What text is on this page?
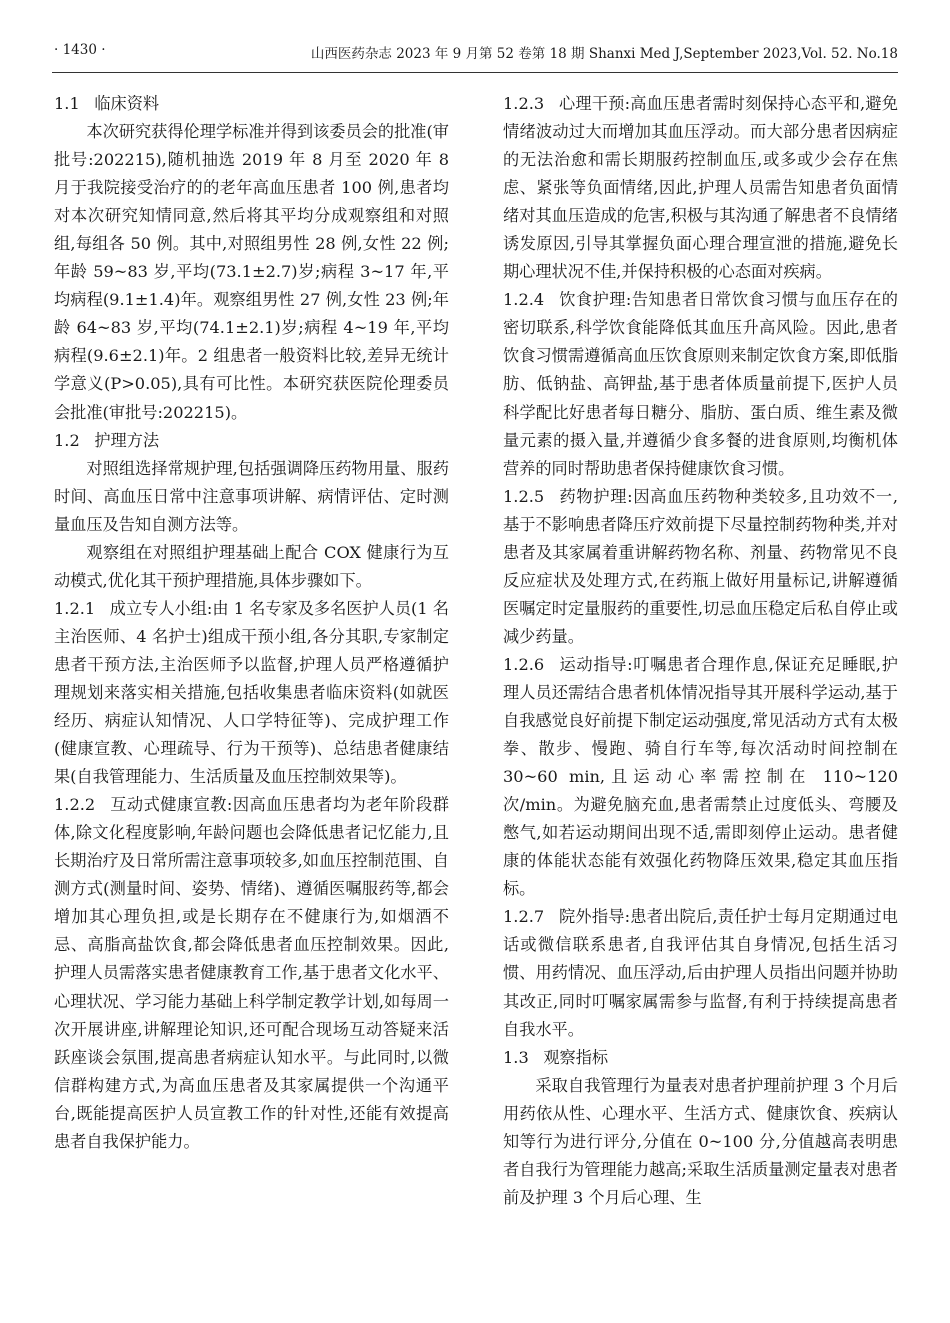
· 1430 ·	山西医药杂志 2023 年 9 月第 52 卷第 18 期 Shanxi Med J,September 2023,Vol. 52. No.18

1.1 临床资料

本次研究获得伦理学标准并得到该委员会的批准(审批号:202215),随机抽选 2019 年 8 月至 2020 年 8 月于我院接受治疗的的老年高血压患者 100 例,患者均对本次研究知情同意,然后将其平均分成观察组和对照组,每组各 50 例。其中,对照组男性 28 例,女性 22 例;年龄 59~83 岁,平均(73.1±2.7)岁;病程 3~17 年,平均病程(9.1±1.4)年。观察组男性 27 例,女性 23 例;年龄 64~83 岁,平均(74.1±2.1)岁;病程 4~19 年,平均病程(9.6±2.1)年。2 组患者一般资料比较,差异无统计学意义(P>0.05),具有可比性。本研究获医院伦理委员会批准(审批号:202215)。

1.2 护理方法

对照组选择常规护理,包括强调降压药物用量、服药时间、高血压日常中注意事项讲解、病情评估、定时测量血压及告知自测方法等。

观察组在对照组护理基础上配合 COX 健康行为互动模式,优化其干预护理措施,具体步骤如下。

1.2.1 成立专人小组:由 1 名专家及多名医护人员(1 名主治医师、4 名护士)组成干预小组,各分其职,专家制定患者干预方法,主治医师予以监督,护理人员严格遵循护理规划来落实相关措施,包括收集患者临床资料(如就医经历、病症认知情况、人口学特征等)、完成护理工作(健康宣教、心理疏导、行为干预等)、总结患者健康结果(自我管理能力、生活质量及血压控制效果等)。

1.2.2 互动式健康宣教:因高血压患者均为老年阶段群体,除文化程度影响,年龄问题也会降低患者记忆能力,且长期治疗及日常所需注意事项较多,如血压控制范围、自测方式(测量时间、姿势、情绪)、遵循医嘱服药等,都会增加其心理负担,或是长期存在不健康行为,如烟酒不忌、高脂高盐饮食,都会降低患者血压控制效果。因此,护理人员需落实患者健康教育工作,基于患者文化水平、心理状况、学习能力基础上科学制定教学计划,如每周一次开展讲座,讲解理论知识,还可配合现场互动答疑来活跃座谈会氛围,提高患者病症认知水平。与此同时,以微信群构建方式,为高血压患者及其家属提供一个沟通平台,既能提高医护人员宣教工作的针对性,还能有效提高患者自我保护能力。

1.2.3 心理干预:高血压患者需时刻保持心态平和,避免情绪波动过大而增加其血压浮动。而大部分患者因病症的无法治愈和需长期服药控制血压,或多或少会存在焦虑、紧张等负面情绪,因此,护理人员需告知患者负面情绪对其血压造成的危害,积极与其沟通了解患者不良情绪诱发原因,引导其掌握负面心理合理宣泄的措施,避免长期心理状况不佳,并保持积极的心态面对疾病。

1.2.4 饮食护理:告知患者日常饮食习惯与血压存在的密切联系,科学饮食能降低其血压升高风险。因此,患者饮食习惯需遵循高血压饮食原则来制定饮食方案,即低脂肪、低钠盐、高钾盐,基于患者体质量前提下,医护人员科学配比好患者每日糖分、脂肪、蛋白质、维生素及微量元素的摄入量,并遵循少食多餐的进食原则,均衡机体营养的同时帮助患者保持健康饮食习惯。

1.2.5 药物护理:因高血压药物种类较多,且功效不一,基于不影响患者降压疗效前提下尽量控制药物种类,并对患者及其家属着重讲解药物名称、剂量、药物常见不良反应症状及处理方式,在药瓶上做好用量标记,讲解遵循医嘱定时定量服药的重要性,切忌血压稳定后私自停止或减少药量。

1.2.6 运动指导:叮嘱患者合理作息,保证充足睡眠,护理人员还需结合患者机体情况指导其开展科学运动,基于自我感觉良好前提下制定运动强度,常见活动方式有太极拳、散步、慢跑、骑自行车等,每次活动时间控制在 30~60 min,且运动心率需控制在 110~120 次/min。为避免脑充血,患者需禁止过度低头、弯腰及憋气,如若运动期间出现不适,需即刻停止运动。患者健康的体能状态能有效强化药物降压效果,稳定其血压指标。

1.2.7 院外指导:患者出院后,责任护士每月定期通过电话或微信联系患者,自我评估其自身情况,包括生活习惯、用药情况、血压浮动,后由护理人员指出问题并协助其改正,同时叮嘱家属需参与监督,有利于持续提高患者自我水平。

1.3 观察指标

采取自我管理行为量表对患者护理前护理 3 个月后用药依从性、心理水平、生活方式、健康饮食、疾病认知等行为进行评分,分值在 0~100 分,分值越高表明患者自我行为管理能力越高;采取生活质量测定量表对患者前及护理 3 个月后心理、生
